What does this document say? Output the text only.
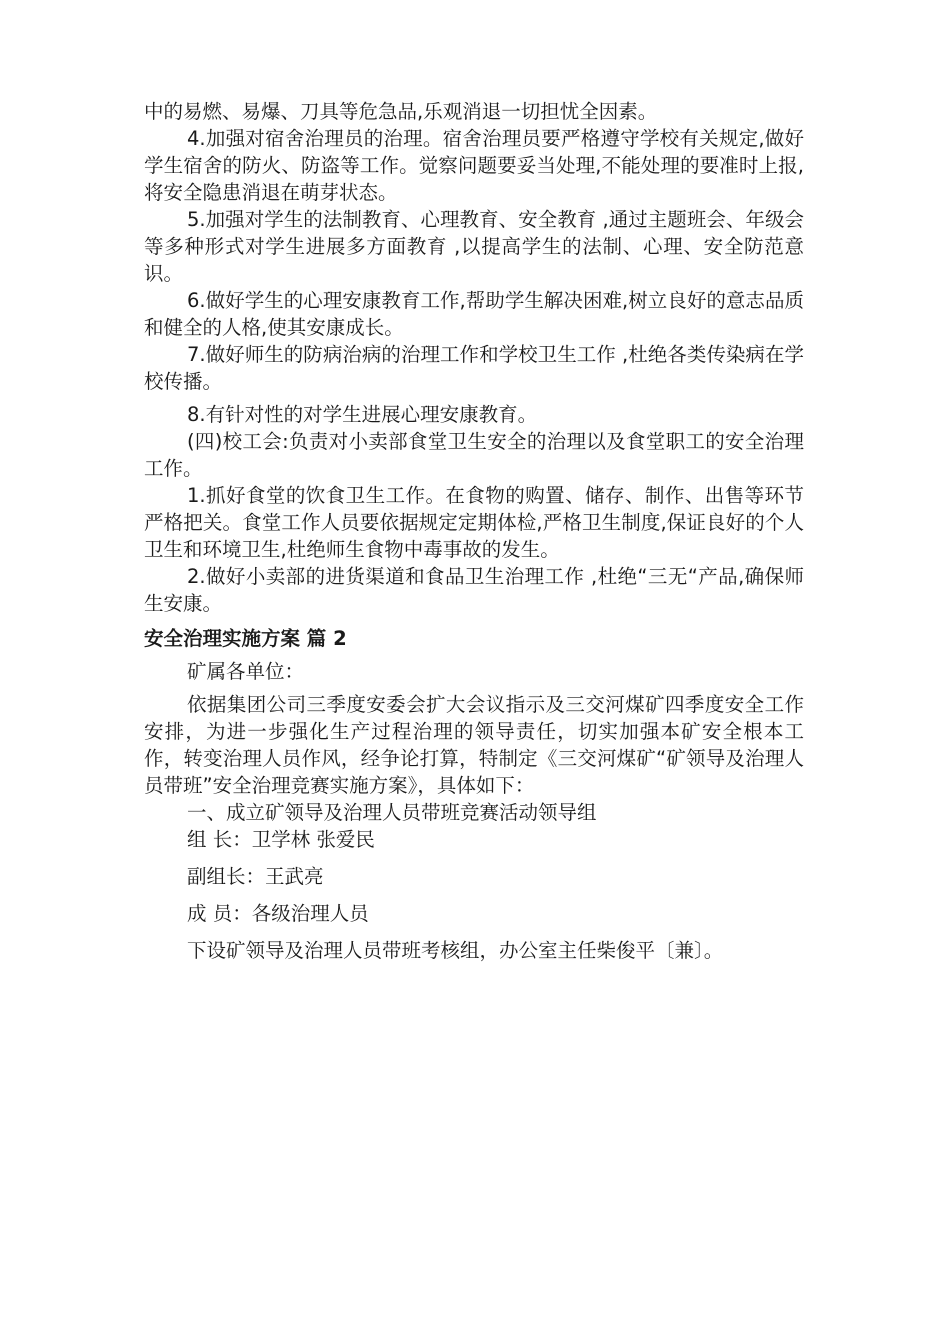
中的易燃、易爆、刀具等危急品,乐观消退一切担忧全因素。

4.加强对宿舍治理员的治理。宿舍治理员要严格遵守学校有关规定,做好学生宿舍的防火、防盗等工作。觉察问题要妥当处理,不能处理的要准时上报,将安全隐患消退在萌芽状态。

5.加强对学生的法制教育、心理教育、安全教育 ,通过主题班会、年级会等多种形式对学生进展多方面教育 ,以提高学生的法制、心理、安全防范意识。

6.做好学生的心理安康教育工作,帮助学生解决困难,树立良好的意志品质和健全的人格,使其安康成长。

7.做好师生的防病治病的治理工作和学校卫生工作 ,杜绝各类传染病在学校传播。

8.有针对性的对学生进展心理安康教育。

(四)校工会:负责对小卖部食堂卫生安全的治理以及食堂职工的安全治理工作。

1.抓好食堂的饮食卫生工作。在食物的购置、储存、制作、出售等环节严格把关。食堂工作人员要依据规定定期体检,严格卫生制度,保证良好的个人卫生和环境卫生,杜绝师生食物中毒事故的发生。

2.做好小卖部的进货渠道和食品卫生治理工作 ,杜绝“三无“产品,确保师生安康。

安全治理实施方案 篇 2

矿属各单位：

依据集团公司三季度安委会扩大会议指示及三交河煤矿四季度安全工作安排，为进一步强化生产过程治理的领导责任，切实加强本矿安全根本工作，转变治理人员作风，经争论打算，特制定《三交河煤矿“矿领导及治理人员带班”安全治理竞赛实施方案》，具体如下：

一、成立矿领导及治理人员带班竞赛活动领导组

组 长：卫学林 张爱民

副组长：王武亮

成 员：各级治理人员

下设矿领导及治理人员带班考核组，办公室主任柴俊平〔兼〕。
